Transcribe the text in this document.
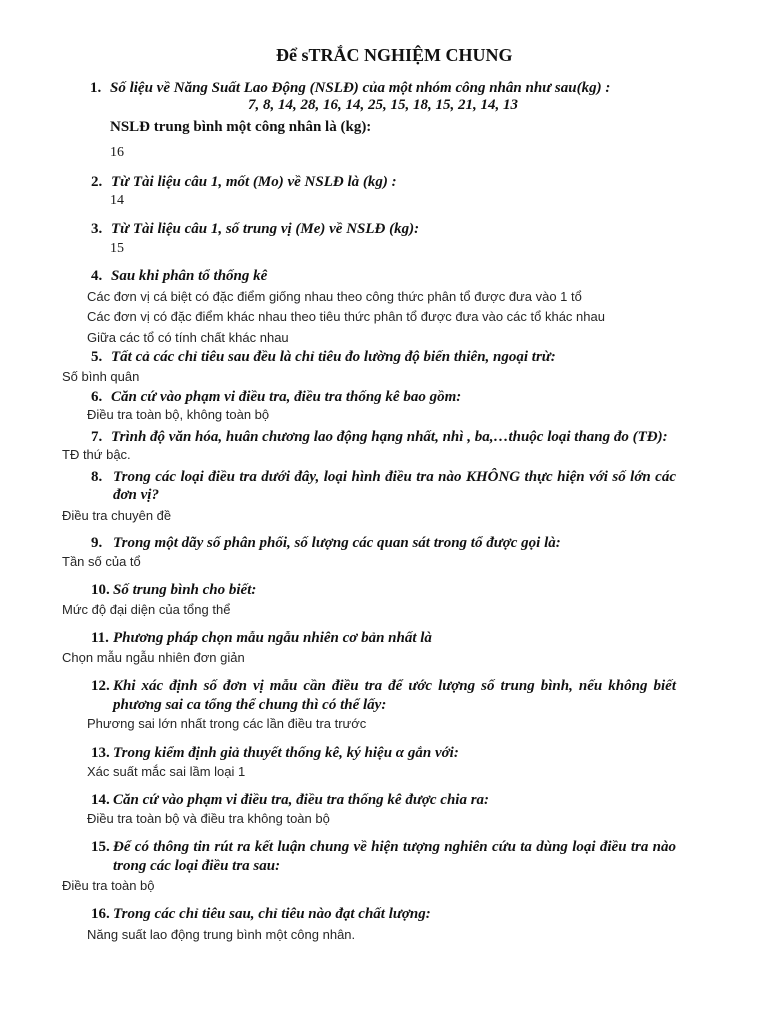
Để sTRẮC NGHIỆM CHUNG
1. Số liệu về Năng Suất Lao Động (NSLĐ) của một nhóm công nhân như sau(kg) :
7, 8, 14, 28, 16, 14, 25, 15, 18, 15, 21, 14, 13
NSLĐ trung bình một công nhân là (kg):
16
2. Từ Tài liệu câu 1, mốt (Mo) về NSLĐ là (kg) :
14
3. Từ Tài liệu câu 1, số trung vị (Me) về NSLĐ (kg):
15
4. Sau khi phân tổ thống kê
Các đơn vị cá biệt có đặc điểm giống nhau theo công thức phân tổ được đưa vào 1 tổ
Các đơn vị có đặc điểm khác nhau theo tiêu thức phân tổ được đưa vào các tổ khác nhau
Giữa các tổ có tính chất khác nhau
5. Tất cả các chỉ tiêu sau đều là chỉ tiêu đo lường độ biến thiên, ngoại trừ:
Số bình quân
6. Căn cứ vào phạm vi điều tra, điều tra thống kê bao gồm:
Điều tra toàn bộ, không toàn bộ
7. Trình độ văn hóa, huân chương lao động hạng nhất, nhì , ba,…thuộc loại thang đo (TĐ):
TĐ thứ bậc.
8. Trong các loại điều tra dưới đây, loại hình điều tra nào KHÔNG thực hiện với số lớn các
đơn vị?
Điều tra chuyên đề
9. Trong một dãy số phân phối, số lượng các quan sát trong tổ được gọi là:
Tần số của tổ
10. Số trung bình cho biết:
Mức độ đại diện của tổng thể
11. Phương pháp chọn mẫu ngẫu nhiên cơ bản nhất là
Chọn mẫu ngẫu nhiên đơn giản
12. Khi xác định số đơn vị mẫu cần điều tra để ước lượng số trung bình, nếu không biết
phương sai ca tổng thể chung thì có thể lấy:
Phương sai lớn nhất trong các lần điều tra trước
13. Trong kiểm định giả thuyết thống kê, ký hiệu α gắn với:
Xác suất mắc sai lầm loại 1
14. Căn cứ vào phạm vi điều tra, điều tra thống kê được chia ra:
Điều tra toàn bộ và điều tra không toàn bộ
15. Để có thông tin rút ra kết luận chung về hiện tượng nghiên cứu ta dùng loại điều tra nào
trong các loại điều tra sau:
Điều tra toàn bộ
16. Trong các chỉ tiêu sau, chỉ tiêu nào đạt chất lượng:
Năng suất lao động trung bình một công nhân.
